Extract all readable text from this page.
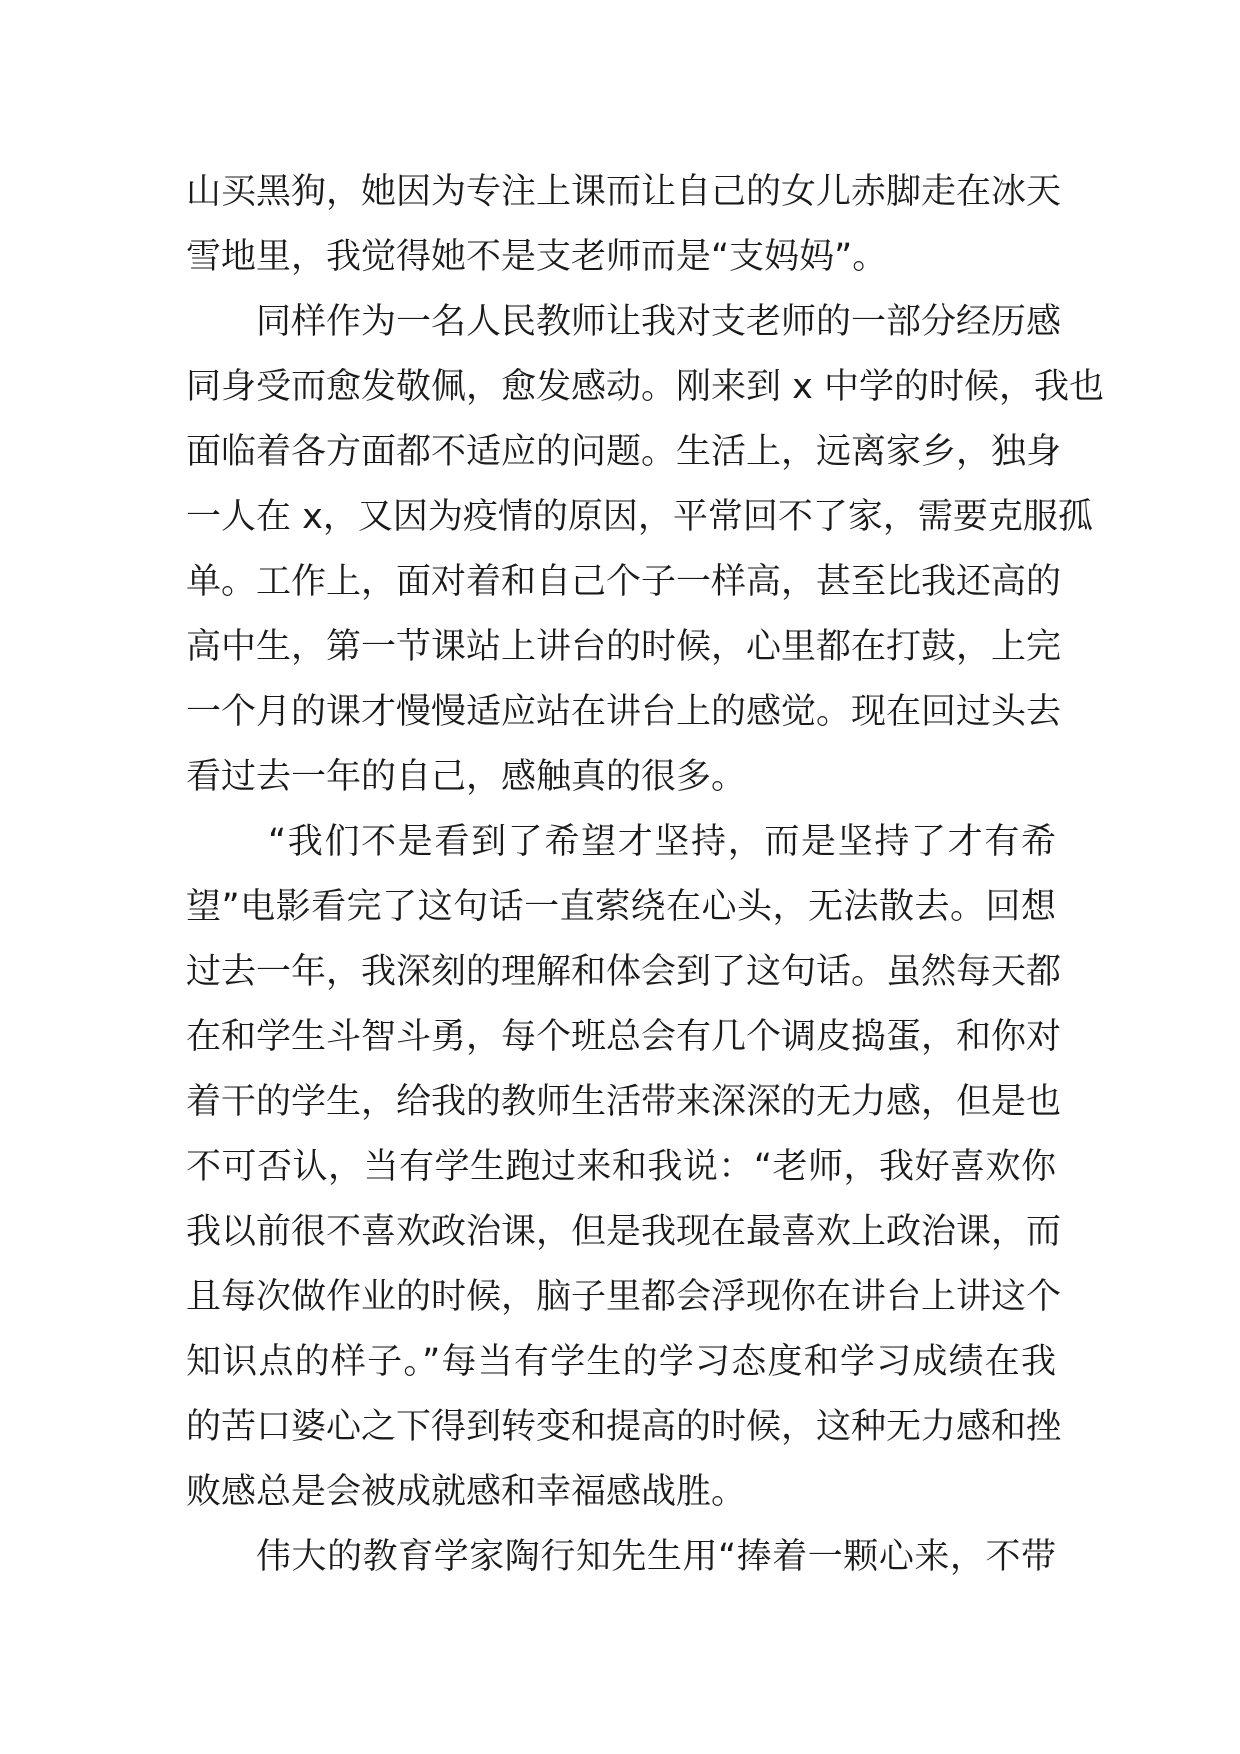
山买黑狗，她因为专注上课而让自己的女儿赤脚走在冰天
雪地里，我觉得她不是支老师而是“支妈妈”。
同样作为一名人民教师让我对支老师的一部分经历感
同身受而愈发敬佩，愈发感动。刚来到 x 中学的时候，我也
面临着各方面都不适应的问题。生活上，远离家乡，独身
一人在 x，又因为疫情的原因，平常回不了家，需要克服孤
单。工作上，面对着和自己个子一样高，甚至比我还高的
高中生，第一节课站上讲台的时候，心里都在打鼓，上完
一个月的课才慢慢适应站在讲台上的感觉。现在回过头去
看过去一年的自己，感触真的很多。
“我们不是看到了希望才坚持，而是坚持了才有希
望”电影看完了这句话一直萦绕在心头，无法散去。回想
过去一年，我深刻的理解和体会到了这句话。虽然每天都
在和学生斗智斗勇，每个班总会有几个调皮捣蛋，和你对
着干的学生，给我的教师生活带来深深的无力感，但是也
不可否认，当有学生跑过来和我说：“老师，我好喜欢你
我以前很不喜欢政治课，但是我现在最喜欢上政治课，而
且每次做作业的时候，脑子里都会浮现你在讲台上讲这个
知识点的样子。”每当有学生的学习态度和学习成绩在我
的苦口婆心之下得到转变和提高的时候，这种无力感和挫
败感总是会被成就感和幸福感战胜。
伟大的教育学家陶行知先生用“捧着一颗心来，不带
